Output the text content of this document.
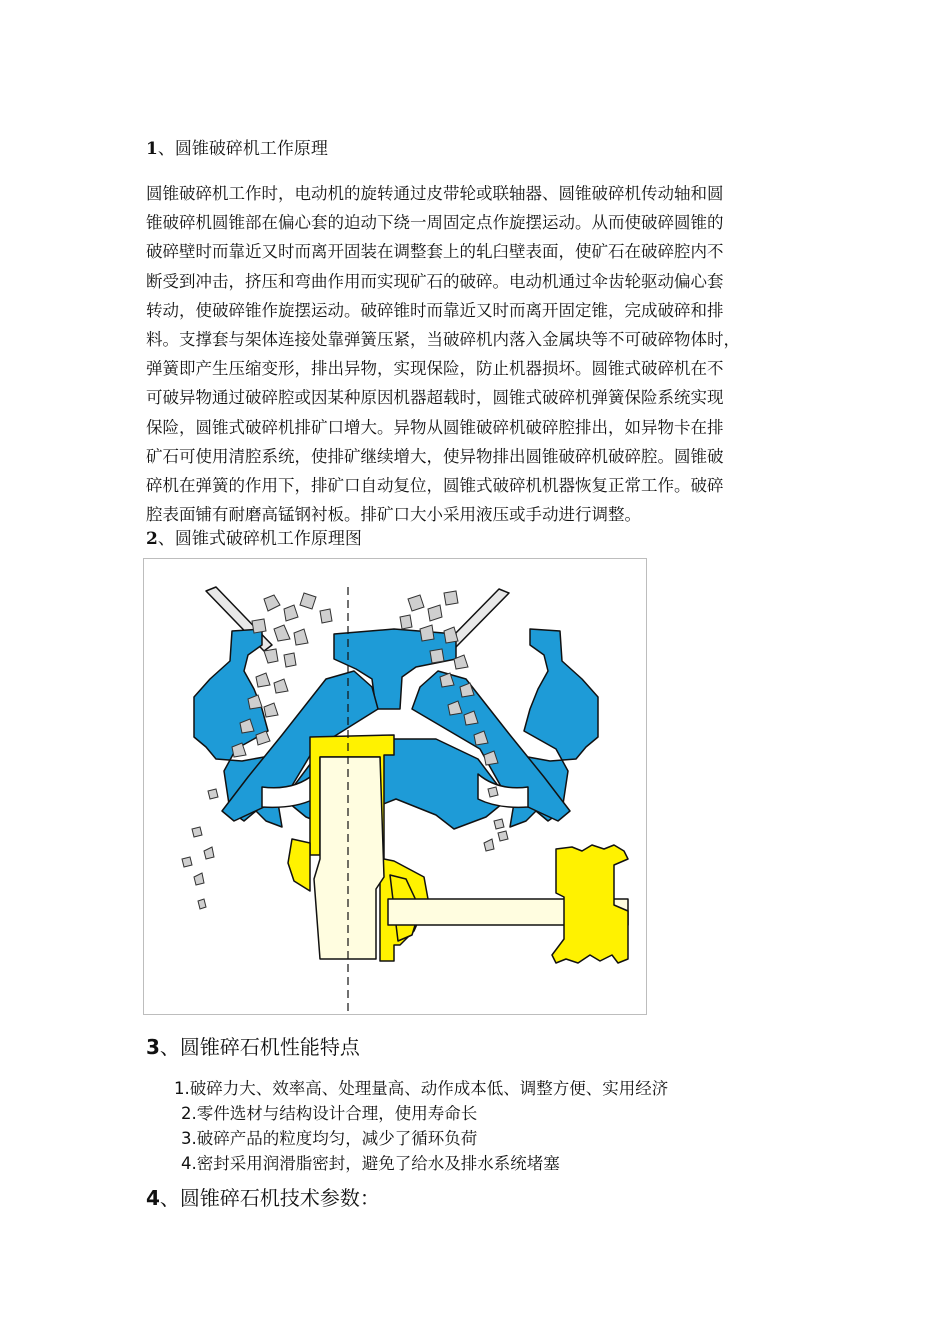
1、圆锥破碎机工作原理
圆锥破碎机工作时，电动机的旋转通过皮带轮或联轴器、圆锥破碎机传动轴和圆
锥破碎机圆锥部在偏心套的迫动下绕一周固定点作旋摆运动。从而使破碎圆锥的
破碎壁时而靠近又时而离开固装在调整套上的轧臼壁表面，使矿石在破碎腔内不
断受到冲击，挤压和弯曲作用而实现矿石的破碎。电动机通过伞齿轮驱动偏心套
转动，使破碎锥作旋摆运动。破碎锥时而靠近又时而离开固定锥，完成破碎和排
料。支撑套与架体连接处靠弹簧压紧，当破碎机内落入金属块等不可破碎物体时，
弹簧即产生压缩变形，排出异物，实现保险，防止机器损坏。圆锥式破碎机在不
可破异物通过破碎腔或因某种原因机器超载时，圆锥式破碎机弹簧保险系统实现
保险，圆锥式破碎机排矿口增大。异物从圆锥破碎机破碎腔排出，如异物卡在排
矿石可使用清腔系统，使排矿继续增大，使异物排出圆锥破碎机破碎腔。圆锥破
碎机在弹簧的作用下，排矿口自动复位，圆锥式破碎机机器恢复正常工作。破碎
腔表面铺有耐磨高锰钢衬板。排矿口大小采用液压或手动进行调整。
2、圆锥式破碎机工作原理图
3、圆锥碎石机性能特点
1.破碎力大、效率高、处理量高、动作成本低、调整方便、实用经济
2.零件选材与结构设计合理，使用寿命长
3.破碎产品的粒度均匀，减少了循环负荷
4.密封采用润滑脂密封，避免了给水及排水系统堵塞
4、圆锥碎石机技术参数：
